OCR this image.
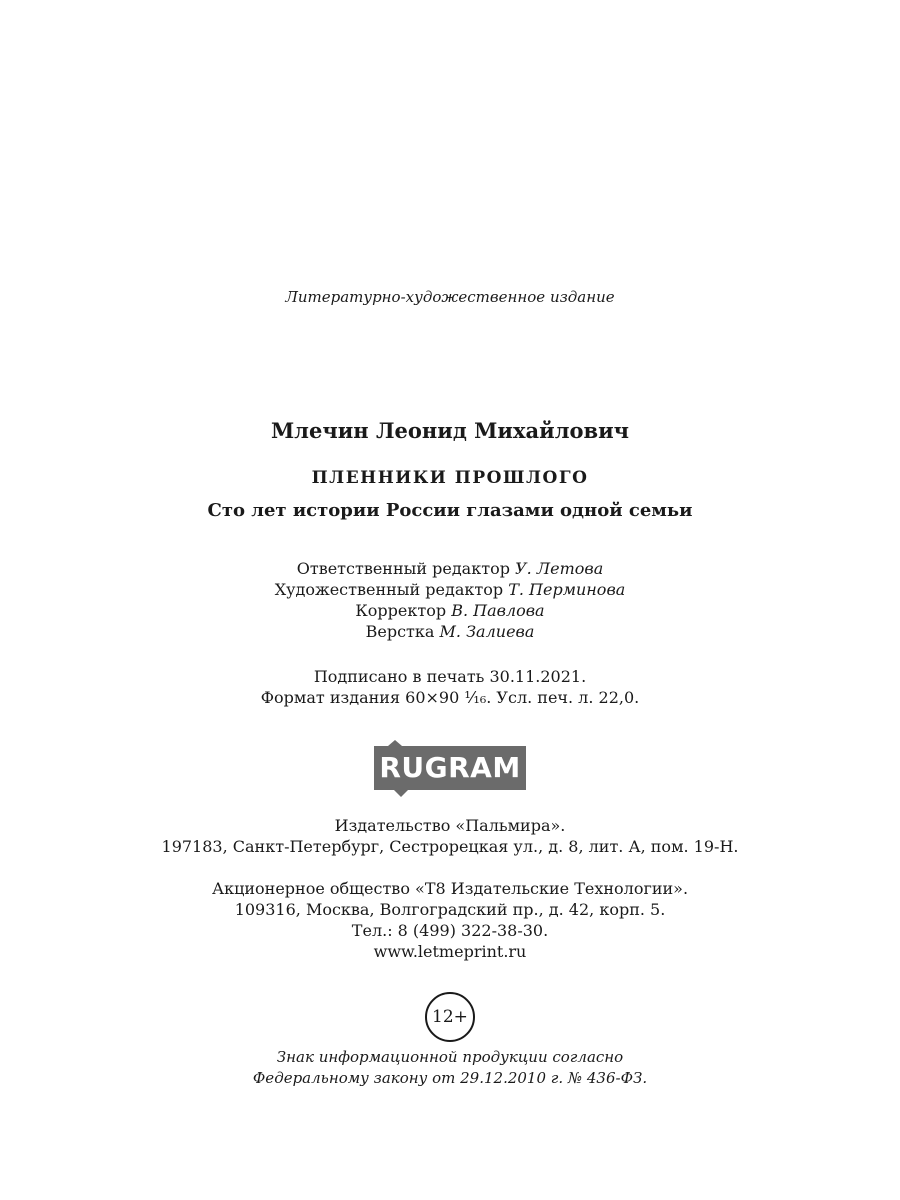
Литературно-художественное издание
Млечин Леонид Михайлович
ПЛЕННИКИ ПРОШЛОГО
Сто лет истории России глазами одной семьи
Ответственный редактор У. Летова
Художественный редактор Т. Перминова
Корректор В. Павлова
Верстка М. Залиева
Подписано в печать 30.11.2021.
Формат издания 60×90 ¹⁄₁₆. Усл. печ. л. 22,0.
RUGRAM
Издательство «Пальмира».
197183, Санкт-Петербург, Сестрорецкая ул., д. 8, лит. А, пом. 19-Н.
Акционерное общество «Т8 Издательские Технологии».
109316, Москва, Волгоградский пр., д. 42, корп. 5.
Тел.: 8 (499) 322-38-30.
www.letmeprint.ru
12+
Знак информационной продукции согласно
Федеральному закону от 29.12.2010 г. № 436-ФЗ.
